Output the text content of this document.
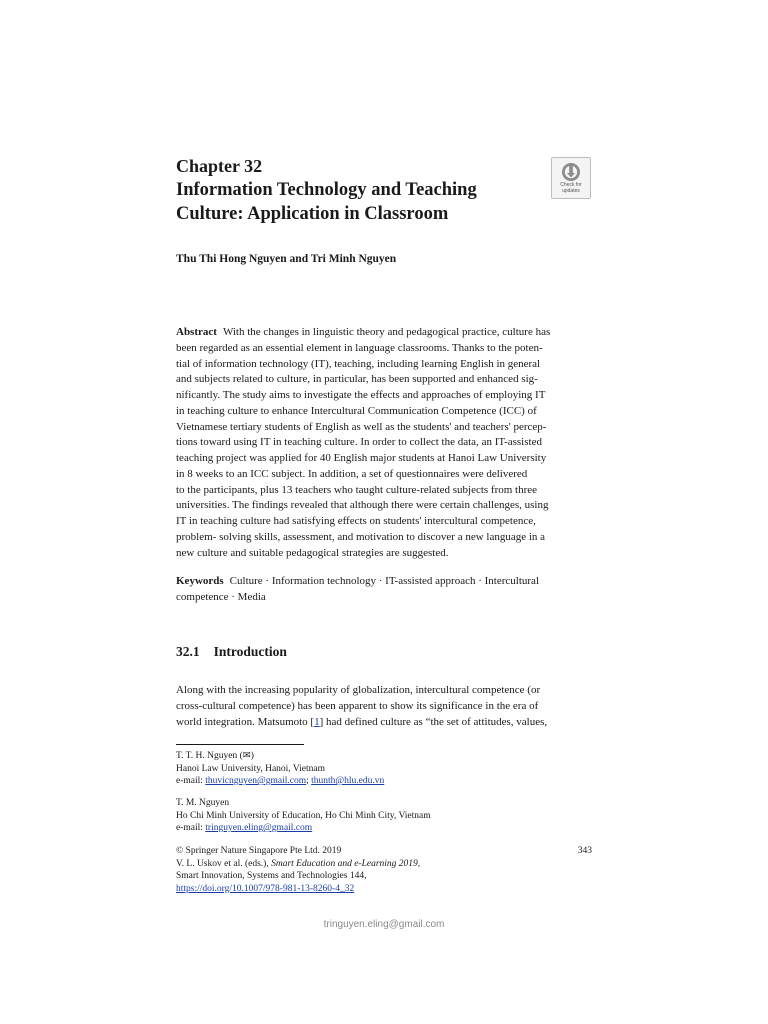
Chapter 32
Information Technology and Teaching
Culture: Application in Classroom
Check for
updates
Thu Thi Hong Nguyen and Tri Minh Nguyen
Abstract With the changes in linguistic theory and pedagogical practice, culture has
been regarded as an essential element in language classrooms. Thanks to the poten-
tial of information technology (IT), teaching, including learning English in general
and subjects related to culture, in particular, has been supported and enhanced sig-
nificantly. The study aims to investigate the effects and approaches of employing IT
in teaching culture to enhance Intercultural Communication Competence (ICC) of
Vietnamese tertiary students of English as well as the students' and teachers' percep-
tions toward using IT in teaching culture. In order to collect the data, an IT-assisted
teaching project was applied for 40 English major students at Hanoi Law University
in 8 weeks to an ICC subject. In addition, a set of questionnaires were delivered
to the participants, plus 13 teachers who taught culture-related subjects from three
universities. The findings revealed that although there were certain challenges, using
IT in teaching culture had satisfying effects on students' intercultural competence,
problem- solving skills, assessment, and motivation to discover a new language in a
new culture and suitable pedagogical strategies are suggested.
Keywords Culture · Information technology · IT-assisted approach · Intercultural
competence · Media
32.1 Introduction
Along with the increasing popularity of globalization, intercultural competence (or
cross-cultural competence) has been apparent to show its significance in the era of
world integration. Matsumoto [1] had defined culture as “the set of attitudes, values,
T. T. H. Nguyen (✉)
Hanoi Law University, Hanoi, Vietnam
e-mail: thuvicnguyen@gmail.com; thunth@hlu.edu.vn
T. M. Nguyen
Ho Chi Minh University of Education, Ho Chi Minh City, Vietnam
e-mail: tringuyen.eling@gmail.com
© Springer Nature Singapore Pte Ltd. 2019	343
V. L. Uskov et al. (eds.), Smart Education and e-Learning 2019,
Smart Innovation, Systems and Technologies 144,
https://doi.org/10.1007/978-981-13-8260-4_32
tringuyen.eling@gmail.com
